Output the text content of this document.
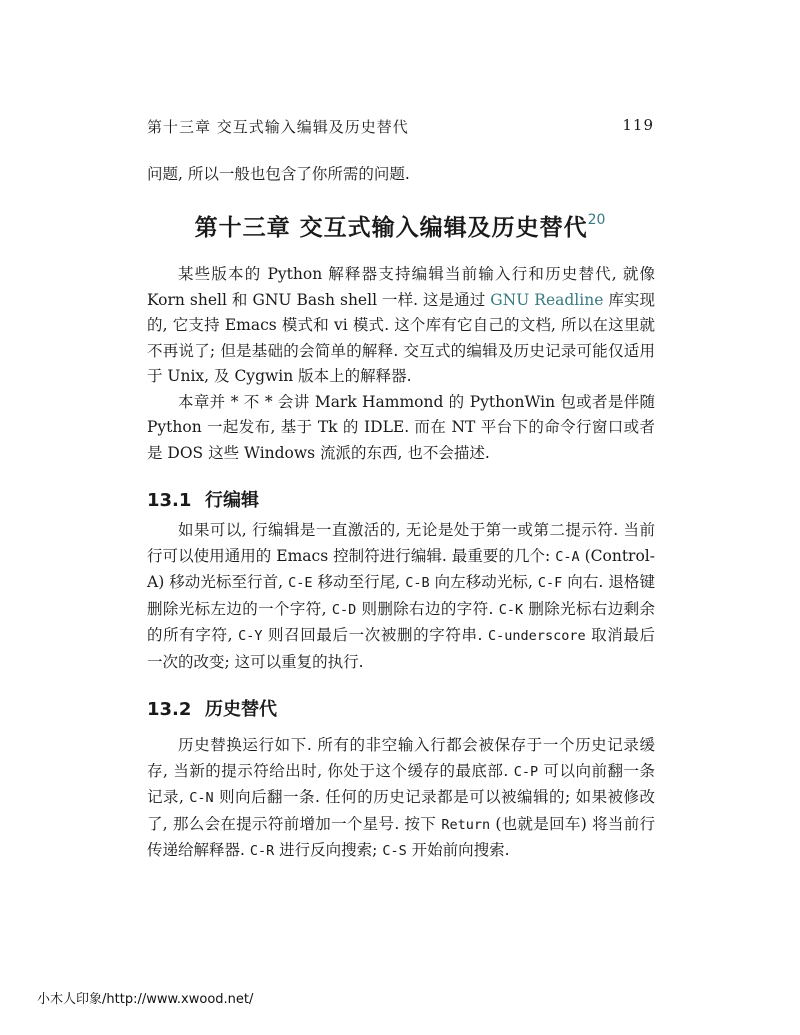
第十三章 交互式输入编辑及历史替代	119

问题, 所以一般也包含了你所需的问题.

第十三章 交互式输入编辑及历史替代$^{20}$

某些版本的 Python 解释器支持编辑当前输入行和历史替代, 就像 Korn shell 和 GNU Bash shell 一样. 这是通过 GNU Readline 库实现的, 它支持 Emacs 模式和 vi 模式. 这个库有它自己的文档, 所以在这里就不再说了; 但是基础的会简单的解释. 交互式的编辑及历史记录可能仅适用于 Unix, 及 Cygwin 版本上的解释器.

本章并 * 不 * 会讲 Mark Hammond 的 PythonWin 包或者是伴随 Python 一起发布, 基于 Tk 的 IDLE. 而在 NT 平台下的命令行窗口或者是 DOS 这些 Windows 流派的东西, 也不会描述.

13.1 行编辑

如果可以, 行编辑是一直激活的, 无论是处于第一或第二提示符. 当前行可以使用通用的 Emacs 控制符进行编辑. 最重要的几个: C-A (Control-A) 移动光标至行首, C-E 移动至行尾, C-B 向左移动光标, C-F 向右. 退格键删除光标左边的一个字符, C-D 则删除右边的字符. C-K 删除光标右边剩余的所有字符, C-Y 则召回最后一次被删的字符串. C-underscore 取消最后一次的改变; 这可以重复的执行.

13.2 历史替代

历史替换运行如下. 所有的非空输入行都会被保存于一个历史记录缓存, 当新的提示符给出时, 你处于这个缓存的最底部. C-P 可以向前翻一条记录, C-N 则向后翻一条. 任何的历史记录都是可以被编辑的; 如果被修改了, 那么会在提示符前增加一个星号. 按下 Return (也就是回车) 将当前行传递给解释器. C-R 进行反向搜索; C-S 开始前向搜索.

小木人印象/http://www.xwood.net/
